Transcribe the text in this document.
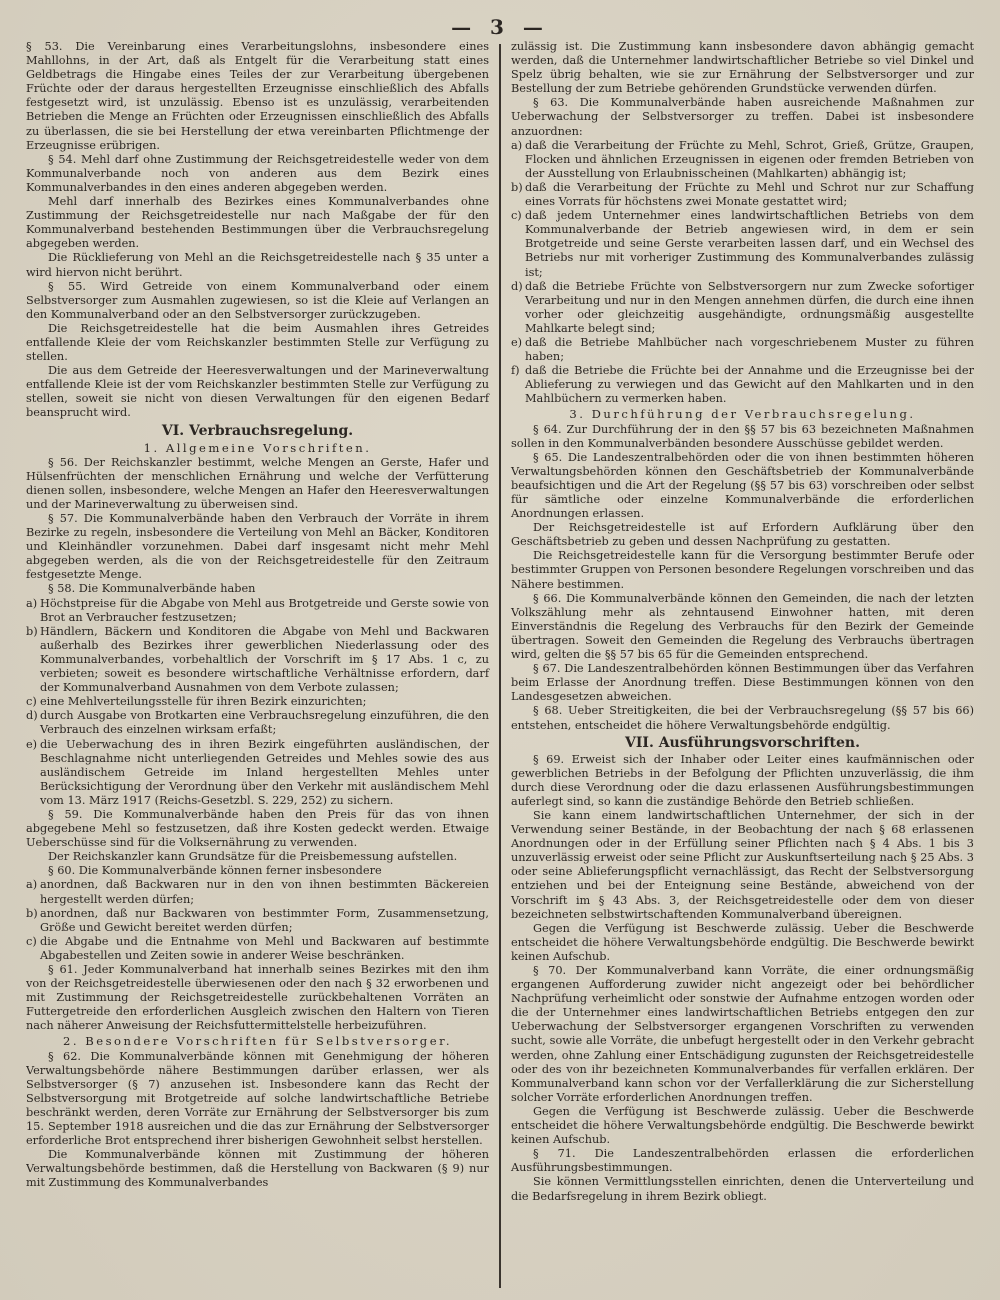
— 3 —

§ 53. Die Vereinbarung eines Verarbeitungslohns, insbesondere eines Mahllohns, in der Art, daß als Entgelt für die Verarbeitung statt eines Geldbetrags die Hingabe eines Teiles der zur Verarbeitung übergebenen Früchte oder der daraus hergestellten Erzeugnisse einschließlich des Abfalls festgesetzt wird, ist unzulässig. Ebenso ist es unzulässig, verarbeitenden Betrieben die Menge an Früchten oder Erzeugnissen einschließlich des Abfalls zu überlassen, die sie bei Herstellung der etwa vereinbarten Pflichtmenge der Erzeugnisse erübrigen.

§ 54. Mehl darf ohne Zustimmung der Reichsgetreidestelle weder von dem Kommunalverbande noch von anderen aus dem Bezirk eines Kommunalverbandes in den eines anderen abgegeben werden.

Mehl darf innerhalb des Bezirkes eines Kommunalverbandes ohne Zustimmung der Reichsgetreidestelle nur nach Maßgabe der für den Kommunalverband bestehenden Bestimmungen über die Verbrauchsregelung abgegeben werden.

Die Rücklieferung von Mehl an die Reichsgetreidestelle nach § 35 unter a wird hiervon nicht berührt.

§ 55. Wird Getreide von einem Kommunalverband oder einem Selbstversorger zum Ausmahlen zugewiesen, so ist die Kleie auf Verlangen an den Kommunalverband oder an den Selbstversorger zurückzugeben.

Die Reichsgetreidestelle hat die beim Ausmahlen ihres Getreides entfallende Kleie der vom Reichskanzler bestimmten Stelle zur Verfügung zu stellen.

Die aus dem Getreide der Heeresverwaltungen und der Marineverwaltung entfallende Kleie ist der vom Reichskanzler bestimmten Stelle zur Verfügung zu stellen, soweit sie nicht von diesen Verwaltungen für den eigenen Bedarf beansprucht wird.

VI. Verbrauchsregelung.
1. Allgemeine Vorschriften.

§ 56. Der Reichskanzler bestimmt, welche Mengen an Gerste, Hafer und Hülsenfrüchten der menschlichen Ernährung und welche der Verfütterung dienen sollen, insbesondere, welche Mengen an Hafer den Heeresverwaltungen und der Marineverwaltung zu überweisen sind.

§ 57. Die Kommunalverbände haben den Verbrauch der Vorräte in ihrem Bezirke zu regeln, insbesondere die Verteilung von Mehl an Bäcker, Konditoren und Kleinhändler vorzunehmen. Dabei darf insgesamt nicht mehr Mehl abgegeben werden, als die von der Reichsgetreidestelle für den Zeitraum festgesetzte Menge.

§ 58. Die Kommunalverbände haben

a) Höchstpreise für die Abgabe von Mehl aus Brotgetreide und Gerste sowie von Brot an Verbraucher festzusetzen;

b) Händlern, Bäckern und Konditoren die Abgabe von Mehl und Backwaren außerhalb des Bezirkes ihrer gewerblichen Niederlassung oder des Kommunalverbandes, vorbehaltlich der Vorschrift im § 17 Abs. 1 c, zu verbieten; soweit es besondere wirtschaftliche Verhältnisse erfordern, darf der Kommunalverband Ausnahmen von dem Verbote zulassen;

c) eine Mehlverteilungsstelle für ihren Bezirk einzurichten;

d) durch Ausgabe von Brotkarten eine Verbrauchsregelung einzuführen, die den Verbrauch des einzelnen wirksam erfaßt;

e) die Ueberwachung des in ihren Bezirk eingeführten ausländischen, der Beschlagnahme nicht unterliegenden Getreides und Mehles sowie des aus ausländischem Getreide im Inland hergestellten Mehles unter Berücksichtigung der Verordnung über den Verkehr mit ausländischem Mehl vom 13. März 1917 (Reichs-Gesetzbl. S. 229, 252) zu sichern.

§ 59. Die Kommunalverbände haben den Preis für das von ihnen abgegebene Mehl so festzusetzen, daß ihre Kosten gedeckt werden. Etwaige Ueberschüsse sind für die Volksernährung zu verwenden.

Der Reichskanzler kann Grundsätze für die Preisbemessung aufstellen.

§ 60. Die Kommunalverbände können ferner insbesondere

a) anordnen, daß Backwaren nur in den von ihnen bestimmten Bäckereien hergestellt werden dürfen;

b) anordnen, daß nur Backwaren von bestimmter Form, Zusammensetzung, Größe und Gewicht bereitet werden dürfen;

c) die Abgabe und die Entnahme von Mehl und Backwaren auf bestimmte Abgabestellen und Zeiten sowie in anderer Weise beschränken.

§ 61. Jeder Kommunalverband hat innerhalb seines Bezirkes mit den ihm von der Reichsgetreidestelle überwiesenen oder den nach § 32 erworbenen und mit Zustimmung der Reichsgetreidestelle zurückbehaltenen Vorräten an Futtergetreide den erforderlichen Ausgleich zwischen den Haltern von Tieren nach näherer Anweisung der Reichsfuttermittelstelle herbeizuführen.

2. Besondere Vorschriften für Selbstversorger.

§ 62. Die Kommunalverbände können mit Genehmigung der höheren Verwaltungsbehörde nähere Bestimmungen darüber erlassen, wer als Selbstversorger (§ 7) anzusehen ist. Insbesondere kann das Recht der Selbstversorgung mit Brotgetreide auf solche landwirtschaftliche Betriebe beschränkt werden, deren Vorräte zur Ernährung der Selbstversorger bis zum 15. September 1918 ausreichen und die das zur Ernährung der Selbstversorger erforderliche Brot entsprechend ihrer bisherigen Gewohnheit selbst herstellen.

Die Kommunalverbände können mit Zustimmung der höheren Verwaltungsbehörde bestimmen, daß die Herstellung von Backwaren (§ 9) nur mit Zustimmung des Kommunalverbandes

zulässig ist. Die Zustimmung kann insbesondere davon abhängig gemacht werden, daß die Unternehmer landwirtschaftlicher Betriebe so viel Dinkel und Spelz übrig behalten, wie sie zur Ernährung der Selbstversorger und zur Bestellung der zum Betriebe gehörenden Grundstücke verwenden dürfen.

§ 63. Die Kommunalverbände haben ausreichende Maßnahmen zur Ueberwachung der Selbstversorger zu treffen. Dabei ist insbesondere anzuordnen:

a) daß die Verarbeitung der Früchte zu Mehl, Schrot, Grieß, Grütze, Graupen, Flocken und ähnlichen Erzeugnissen in eigenen oder fremden Betrieben von der Ausstellung von Erlaubnisscheinen (Mahlkarten) abhängig ist;

b) daß die Verarbeitung der Früchte zu Mehl und Schrot nur zur Schaffung eines Vorrats für höchstens zwei Monate gestattet wird;

c) daß jedem Unternehmer eines landwirtschaftlichen Betriebs von dem Kommunalverbande der Betrieb angewiesen wird, in dem er sein Brotgetreide und seine Gerste verarbeiten lassen darf, und ein Wechsel des Betriebs nur mit vorheriger Zustimmung des Kommunalverbandes zulässig ist;

d) daß die Betriebe Früchte von Selbstversorgern nur zum Zwecke sofortiger Verarbeitung und nur in den Mengen annehmen dürfen, die durch eine ihnen vorher oder gleichzeitig ausgehändigte, ordnungsmäßig ausgestellte Mahlkarte belegt sind;

e) daß die Betriebe Mahlbücher nach vorgeschriebenem Muster zu führen haben;

f) daß die Betriebe die Früchte bei der Annahme und die Erzeugnisse bei der Ablieferung zu verwiegen und das Gewicht auf den Mahlkarten und in den Mahlbüchern zu vermerken haben.

3. Durchführung der Verbrauchsregelung.

§ 64. Zur Durchführung der in den §§ 57 bis 63 bezeichneten Maßnahmen sollen in den Kommunalverbänden besondere Ausschüsse gebildet werden.

§ 65. Die Landeszentralbehörden oder die von ihnen bestimmten höheren Verwaltungsbehörden können den Geschäftsbetrieb der Kommunalverbände beaufsichtigen und die Art der Regelung (§§ 57 bis 63) vorschreiben oder selbst für sämtliche oder einzelne Kommunalverbände die erforderlichen Anordnungen erlassen.

Der Reichsgetreidestelle ist auf Erfordern Aufklärung über den Geschäftsbetrieb zu geben und dessen Nachprüfung zu gestatten.

Die Reichsgetreidestelle kann für die Versorgung bestimmter Berufe oder bestimmter Gruppen von Personen besondere Regelungen vorschreiben und das Nähere bestimmen.

§ 66. Die Kommunalverbände können den Gemeinden, die nach der letzten Volkszählung mehr als zehntausend Einwohner hatten, mit deren Einverständnis die Regelung des Verbrauchs für den Bezirk der Gemeinde übertragen. Soweit den Gemeinden die Regelung des Verbrauchs übertragen wird, gelten die §§ 57 bis 65 für die Gemeinden entsprechend.

§ 67. Die Landeszentralbehörden können Bestimmungen über das Verfahren beim Erlasse der Anordnung treffen. Diese Bestimmungen können von den Landesgesetzen abweichen.

§ 68. Ueber Streitigkeiten, die bei der Verbrauchsregelung (§§ 57 bis 66) entstehen, entscheidet die höhere Verwaltungsbehörde endgültig.

VII. Ausführungsvorschriften.

§ 69. Erweist sich der Inhaber oder Leiter eines kaufmännischen oder gewerblichen Betriebs in der Befolgung der Pflichten unzuverlässig, die ihm durch diese Verordnung oder die dazu erlassenen Ausführungsbestimmungen auferlegt sind, so kann die zuständige Behörde den Betrieb schließen.

Sie kann einem landwirtschaftlichen Unternehmer, der sich in der Verwendung seiner Bestände, in der Beobachtung der nach § 68 erlassenen Anordnungen oder in der Erfüllung seiner Pflichten nach § 4 Abs. 1 bis 3 unzuverlässig erweist oder seine Pflicht zur Auskunftserteilung nach § 25 Abs. 3 oder seine Ablieferungspflicht vernachlässigt, das Recht der Selbstversorgung entziehen und bei der Enteignung seine Bestände, abweichend von der Vorschrift im § 43 Abs. 3, der Reichsgetreidestelle oder dem von dieser bezeichneten selbstwirtschaftenden Kommunalverband übereignen.

Gegen die Verfügung ist Beschwerde zulässig. Ueber die Beschwerde entscheidet die höhere Verwaltungsbehörde endgültig. Die Beschwerde bewirkt keinen Aufschub.

§ 70. Der Kommunalverband kann Vorräte, die einer ordnungsmäßig ergangenen Aufforderung zuwider nicht angezeigt oder bei behördlicher Nachprüfung verheimlicht oder sonstwie der Aufnahme entzogen worden oder die der Unternehmer eines landwirtschaftlichen Betriebs entgegen den zur Ueberwachung der Selbstversorger ergangenen Vorschriften zu verwenden sucht, sowie alle Vorräte, die unbefugt hergestellt oder in den Verkehr gebracht werden, ohne Zahlung einer Entschädigung zugunsten der Reichsgetreidestelle oder des von ihr bezeichneten Kommunalverbandes für verfallen erklären. Der Kommunalverband kann schon vor der Verfallerklärung die zur Sicherstellung solcher Vorräte erforderlichen Anordnungen treffen.

Gegen die Verfügung ist Beschwerde zulässig. Ueber die Beschwerde entscheidet die höhere Verwaltungsbehörde endgültig. Die Beschwerde bewirkt keinen Aufschub.

§ 71. Die Landeszentralbehörden erlassen die erforderlichen Ausführungsbestimmungen.

Sie können Vermittlungsstellen einrichten, denen die Unterverteilung und die Bedarfsregelung in ihrem Bezirk obliegt.
